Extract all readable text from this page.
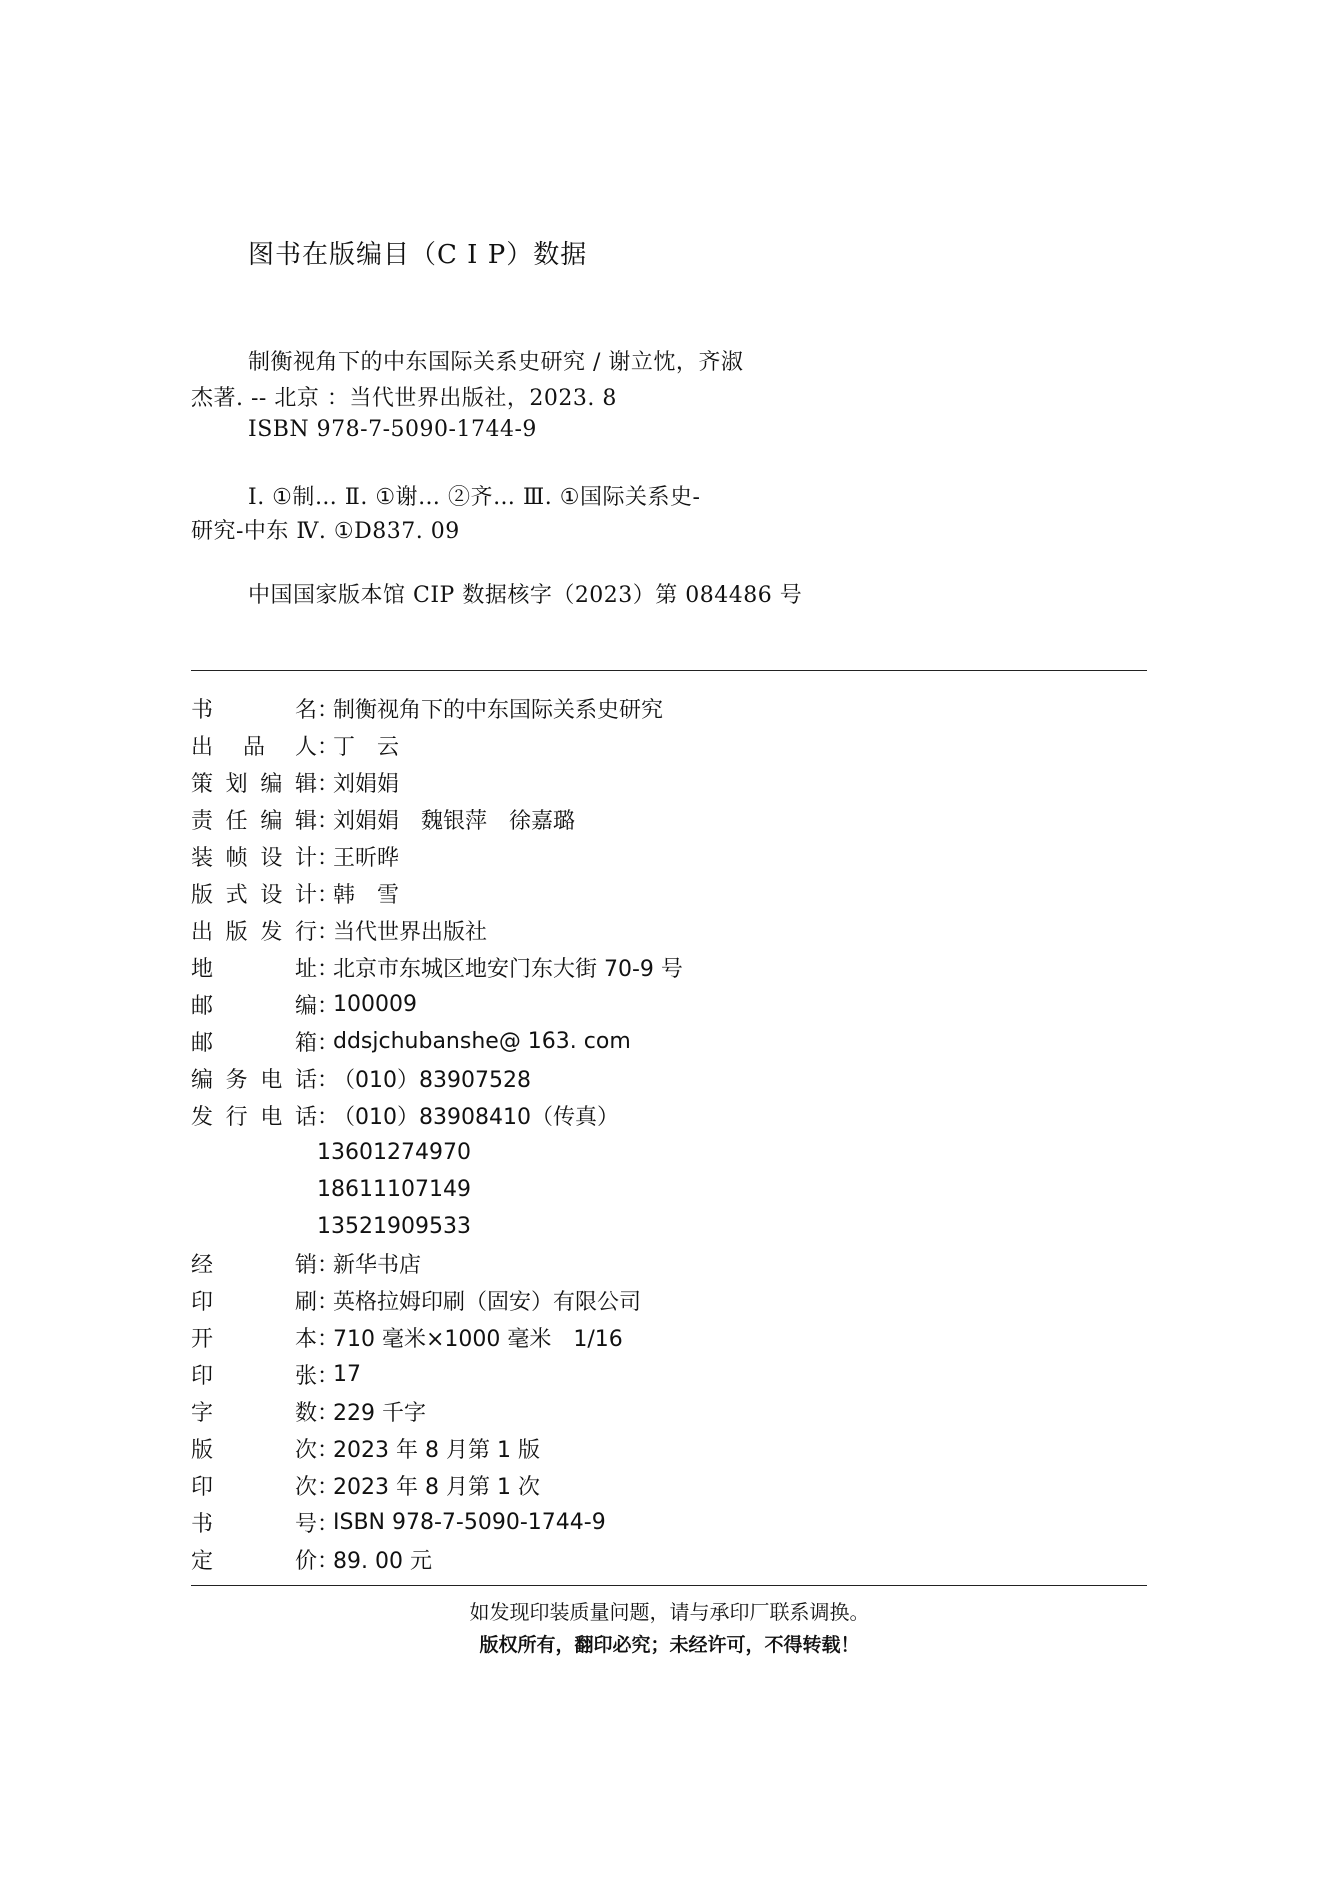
图书在版编目（C I P）数据
制衡视角下的中东国际关系史研究 / 谢立忱，齐淑
杰著. -- 北京 ：当代世界出版社，2023. 8
ISBN 978-7-5090-1744-9
Ⅰ. ①制… Ⅱ. ①谢… ②齐… Ⅲ. ①国际关系史-
研究-中东 Ⅳ. ①D837. 09
中国国家版本馆 CIP 数据核字（2023）第 084486 号
书名 ：
制衡视角下的中东国际关系史研究
出品人 ：
丁　云
策划编辑 ：
刘娟娟
责任编辑 ：
刘娟娟　魏银萍　徐嘉璐
装帧设计 ：
王昕晔
版式设计 ：
韩　雪
出版发行 ：
当代世界出版社
地址 ：
北京市东城区地安门东大街 70-9 号
邮编 ：
100009
邮箱 ：
ddsjchubanshe@ 163. com
编务电话 ：
（010）83907528
发行电话 ：
（010）83908410（传真）
13601274970
18611107149
13521909533
经销 ：
新华书店
印刷 ：
英格拉姆印刷（固安）有限公司
开本 ：
710 毫米×1000 毫米　1/16
印张 ：
17
字数 ：
229 千字
版次 ：
2023 年 8 月第 1 版
印次 ：
2023 年 8 月第 1 次
书号 ：
ISBN 978-7-5090-1744-9
定价 ：
89. 00 元
如发现印装质量问题，请与承印厂联系调换。
版权所有，翻印必究；未经许可，不得转载！
